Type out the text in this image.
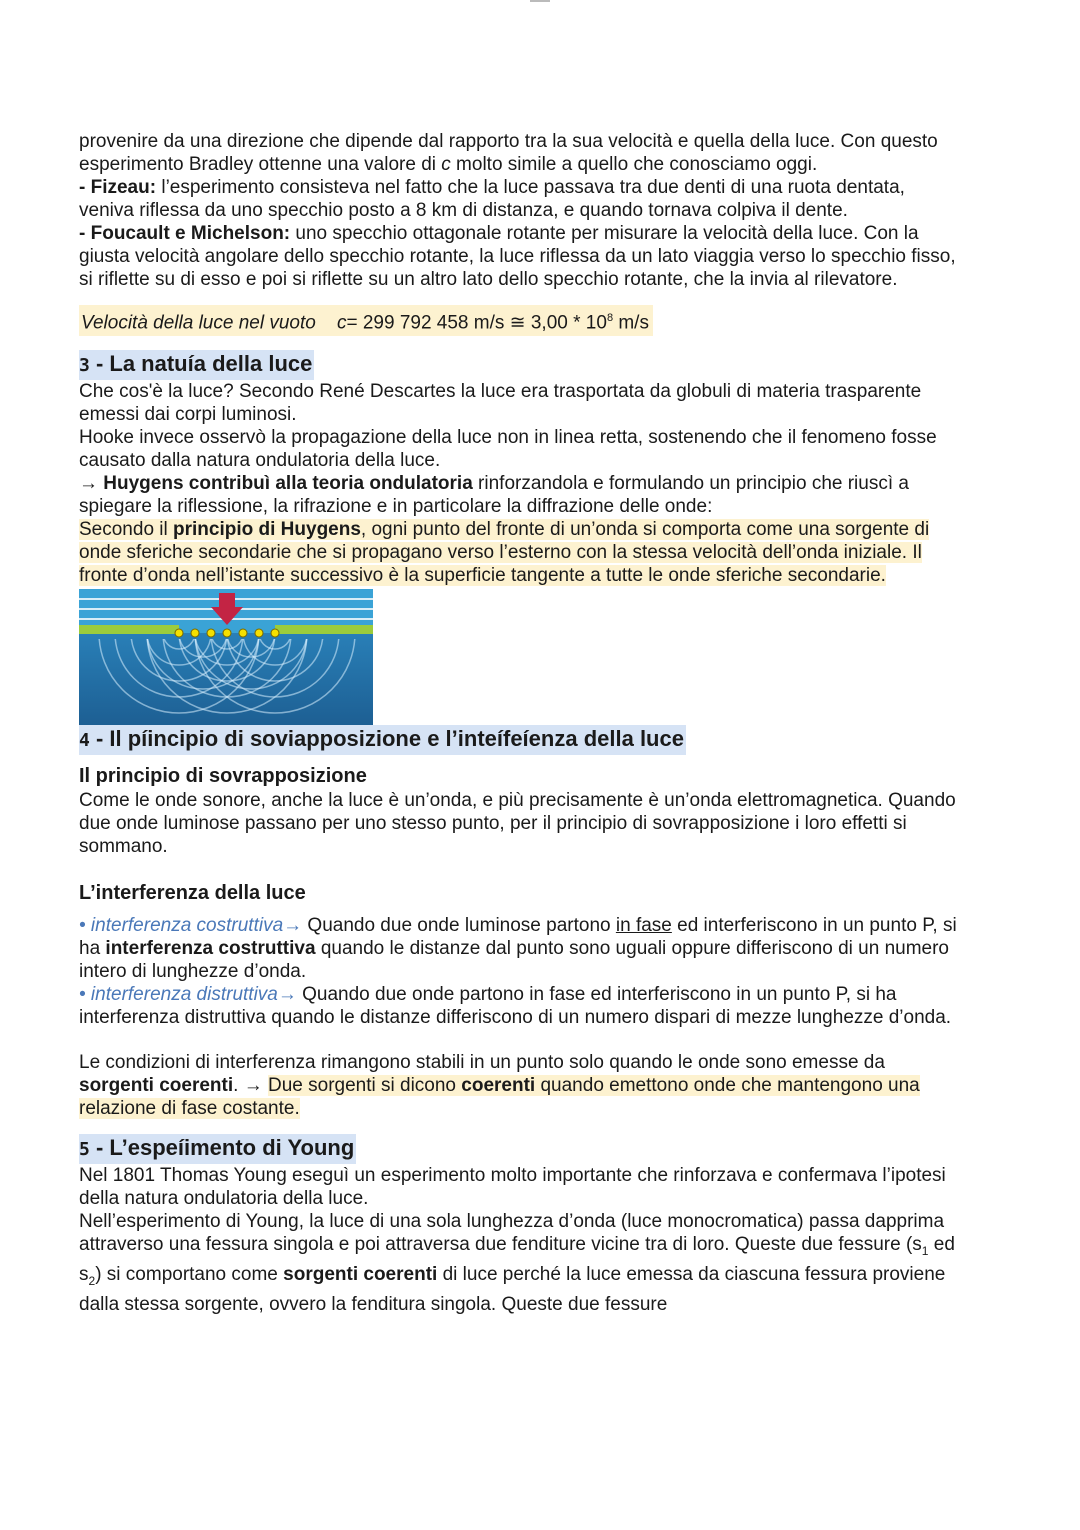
provenire da una direzione che dipende dal rapporto tra la sua velocità e quella della luce. Con questo esperimento Bradley ottenne una valore di c molto simile a quello che conosciamo oggi.

- Fizeau: l’esperimento consisteva nel fatto che la luce passava tra due denti di una ruota dentata, veniva riflessa da uno specchio posto a 8 km di distanza, e quando tornava colpiva il dente.

- Foucault e Michelson: uno specchio ottagonale rotante per misurare la velocità della luce. Con la giusta velocità angolare dello specchio rotante, la luce riflessa da un lato viaggia verso lo specchio fisso, si riflette su di esso e poi si riflette su un altro lato dello specchio rotante, che la invia al rilevatore.

Velocità della luce nel vuoto c= 299 792 458 m/s ≅ $3,00 * 10^8$ m/s

3 - La natuía della luce

Che cos'è la luce? Secondo René Descartes la luce era trasportata da globuli di materia trasparente emessi dai corpi luminosi.

Hooke invece osservò la propagazione della luce non in linea retta, sostenendo che il fenomeno fosse causato dalla natura ondulatoria della luce.

→ Huygens contribuì alla teoria ondulatoria rinforzandola e formulando un principio che riuscì a spiegare la riflessione, la rifrazione e in particolare la diffrazione delle onde:

Secondo il principio di Huygens, ogni punto del fronte di un’onda si comporta come una sorgente di onde sferiche secondarie che si propagano verso l’esterno con la stessa velocità dell’onda iniziale. Il fronte d’onda nell’istante successivo è la superficie tangente a tutte le onde sferiche secondarie.

4 - Il píincipio di soviapposizione e l’inteífeíenza della luce

Il principio di sovrapposizione

Come le onde sonore, anche la luce è un’onda, e più precisamente è un’onda elettromagnetica. Quando due onde luminose passano per uno stesso punto, per il principio di sovrapposizione i loro effetti si sommano.

L’interferenza della luce

• interferenza costruttiva→ Quando due onde luminose partono in fase ed interferiscono in un punto P, si ha interferenza costruttiva quando le distanze dal punto sono uguali oppure differiscono di un numero intero di lunghezze d’onda.

• interferenza distruttiva→ Quando due onde partono in fase ed interferiscono in un punto P, si ha interferenza distruttiva quando le distanze differiscono di un numero dispari di mezze lunghezze d’onda.

Le condizioni di interferenza rimangono stabili in un punto solo quando le onde sono emesse da sorgenti coerenti. → Due sorgenti si dicono coerenti quando emettono onde che mantengono una relazione di fase costante.

5 - L’espeíimento di Young

Nel 1801 Thomas Young eseguì un esperimento molto importante che rinforzava e confermava l’ipotesi della natura ondulatoria della luce.

Nell’esperimento di Young, la luce di una sola lunghezza d’onda (luce monocromatica) passa dapprima attraverso una fessura singola e poi attraversa due fenditure vicine tra di loro. Queste due fessure ($s_1$ ed $s_2$) si comportano come sorgenti coerenti di luce perché la luce emessa da ciascuna fessura proviene dalla stessa sorgente, ovvero la fenditura singola. Queste due fessure
